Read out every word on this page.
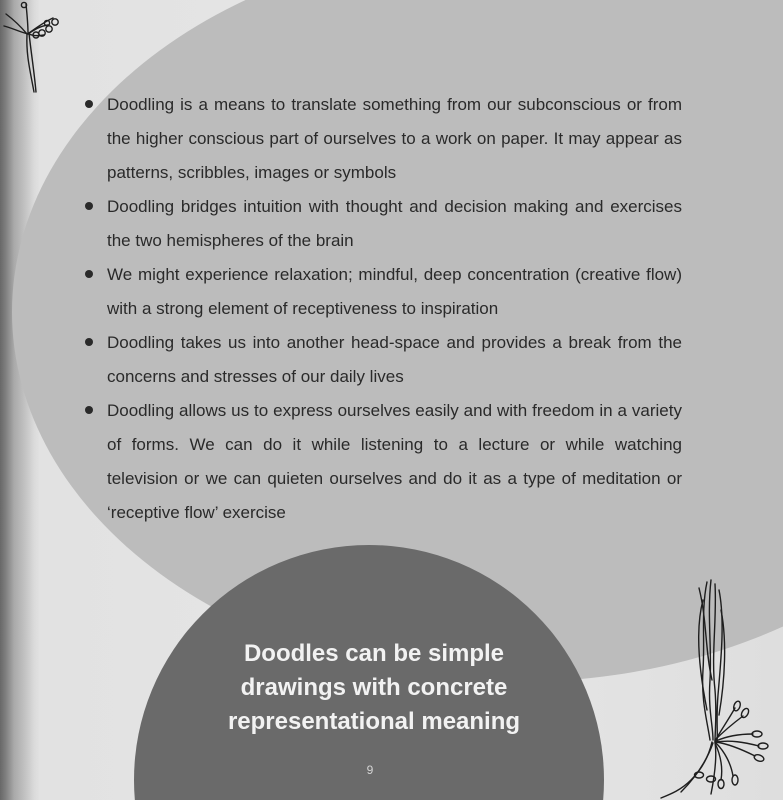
Doodling is a means to translate something from our subconscious or from the higher conscious part of ourselves to a work on paper. It may appear as patterns, scribbles, images or symbols
Doodling bridges intuition with thought and decision making and exercises the two hemispheres of the brain
We might experience relaxation; mindful, deep concentration (creative flow) with a strong element of receptiveness to inspiration
Doodling takes us into another head-space and provides a break from the concerns and stresses of our daily lives
Doodling allows us to express ourselves easily and with freedom in a variety of forms. We can do it while listening to a lecture or while watching television or we can quieten ourselves and do it as a type of meditation or ‘receptive flow’ exercise

Doodles can be simple drawings with concrete representational meaning

9
